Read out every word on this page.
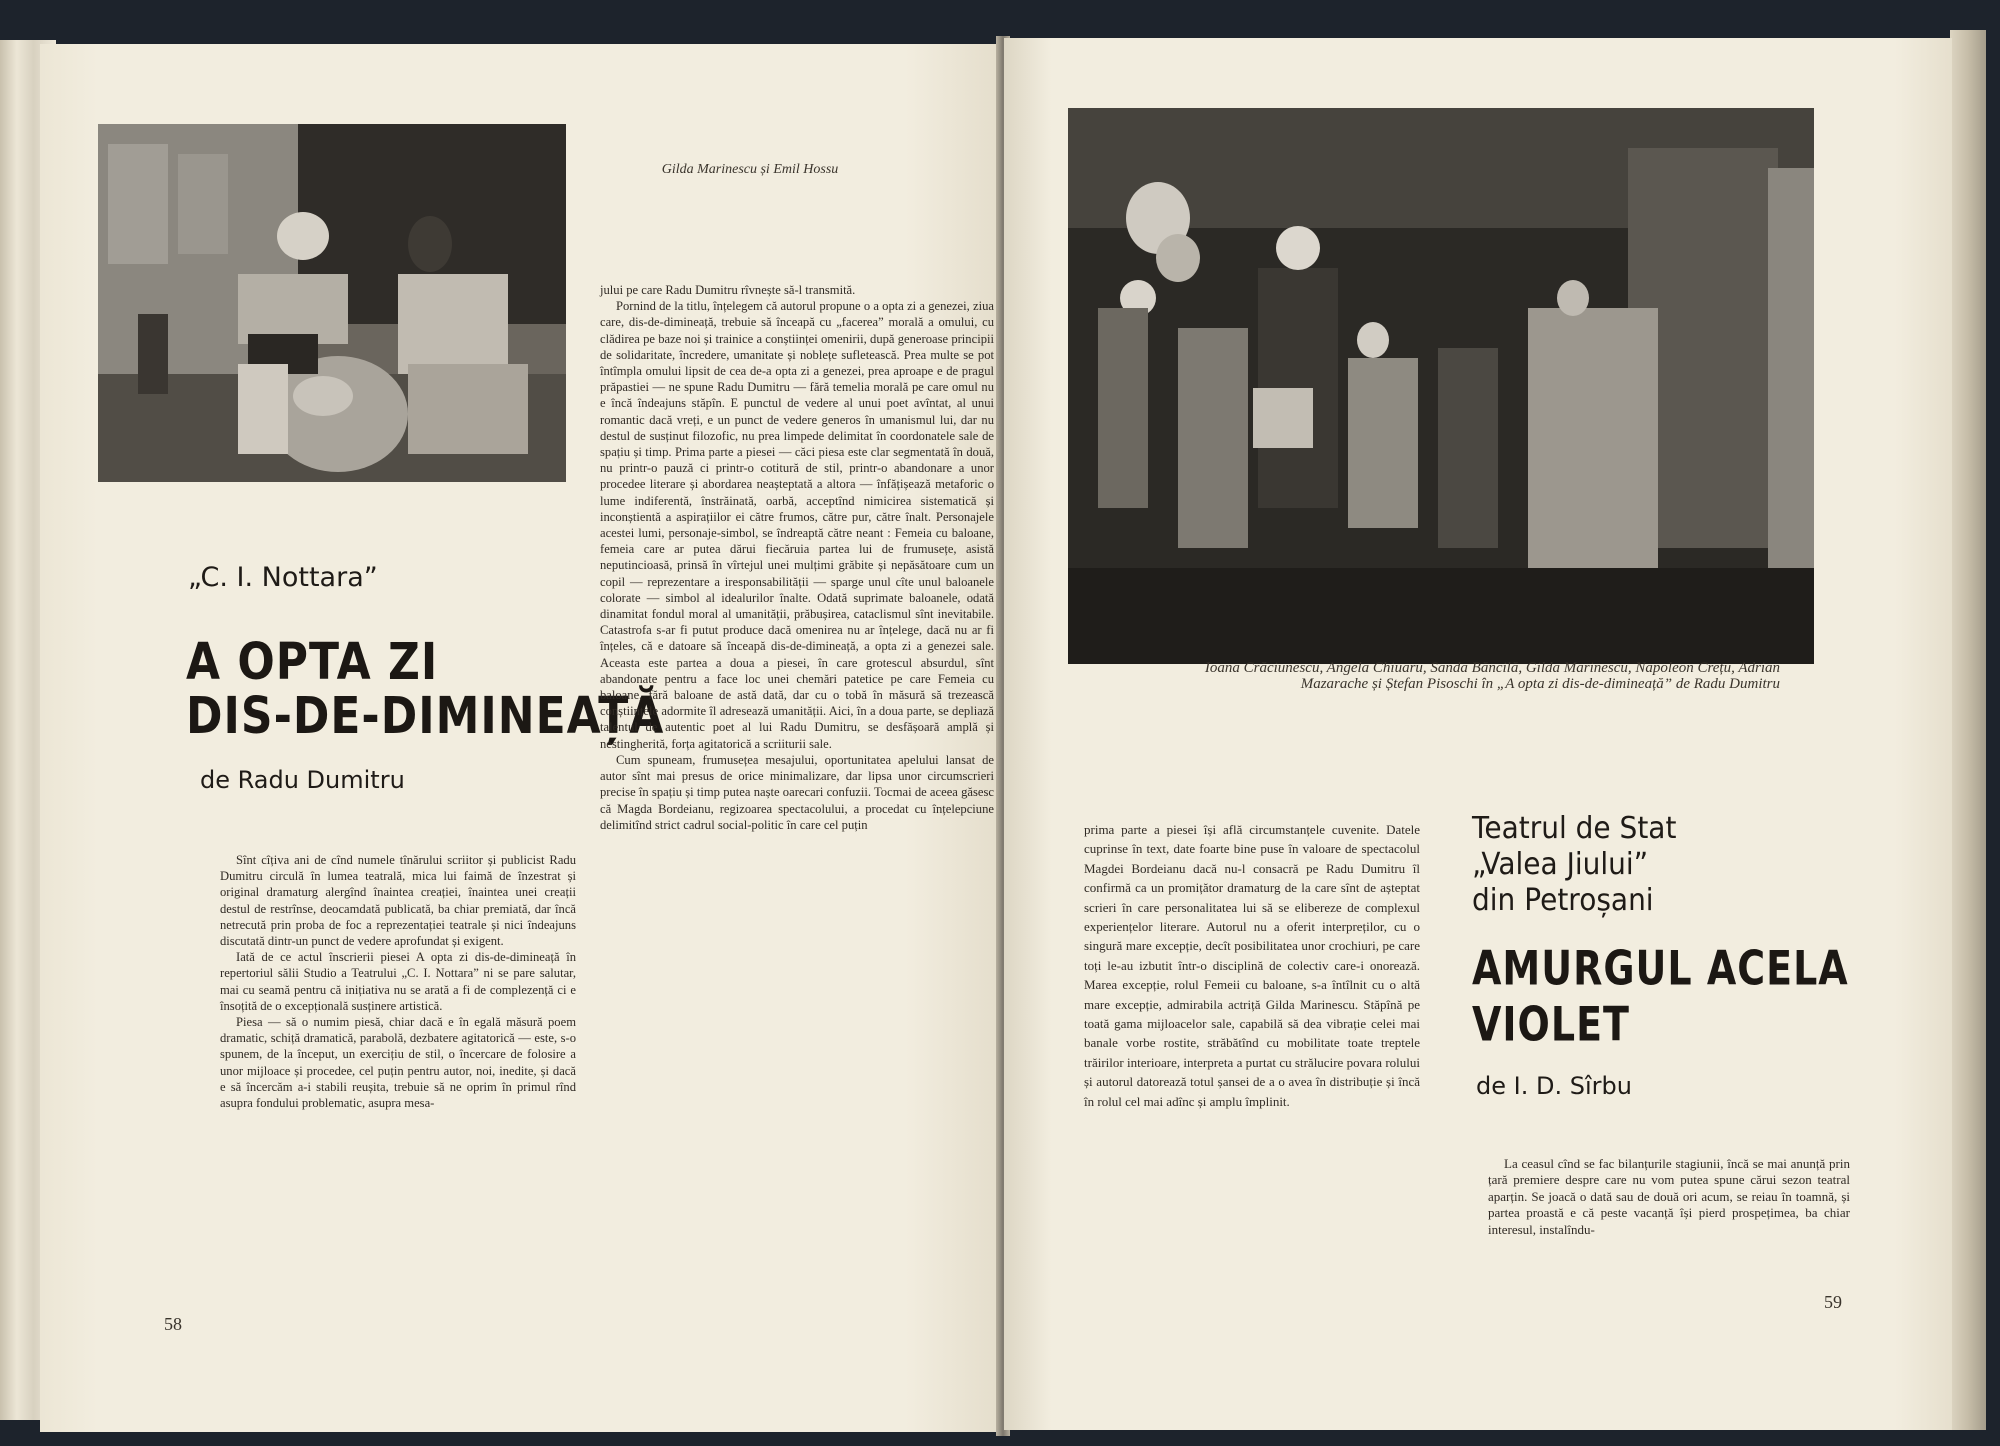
Gilda Marinescu și Emil Hossu
„C. I. Nottara”
A OPTA ZI
DIS-DE-DIMINEAȚĂ
de Radu Dumitru

Sînt cîțiva ani de cînd numele tînărului scriitor și publicist Radu Dumitru circulă în lumea teatrală, mica lui faimă de înzestrat și original dramaturg alergînd înaintea creației, înaintea unei creații destul de restrînse, deocamdată publicată, ba chiar premiată, dar încă netrecută prin proba de foc a reprezentației teatrale și nici îndeajuns discutată dintr-un punct de vedere aprofundat și exigent.

Iată de ce actul înscrierii piesei A opta zi dis-de-dimineață în repertoriul sălii Studio a Teatrului „C. I. Nottara” ni se pare salutar, mai cu seamă pentru că inițiativa nu se arată a fi de complezență ci e însoțită de o excepțională susținere artistică.

Piesa — să o numim piesă, chiar dacă e în egală măsură poem dramatic, schiță dramatică, parabolă, dezbatere agitatorică — este, s-o spunem, de la început, un exercițiu de stil, o încercare de folosire a unor mijloace și procedee, cel puțin pentru autor, noi, inedite, și dacă e să încercăm a-i stabili reușita, trebuie să ne oprim în primul rînd asupra fondului problematic, asupra mesa-

jului pe care Radu Dumitru rîvnește să-l transmită.

Pornind de la titlu, înțelegem că autorul propune o a opta zi a genezei, ziua care, dis-de-dimineață, trebuie să înceapă cu „facerea” morală a omului, cu clădirea pe baze noi și trainice a conștiinței omenirii, după generoase principii de solidaritate, încredere, umanitate și noblețe sufletească. Prea multe se pot întîmpla omului lipsit de cea de-a opta zi a genezei, prea aproape e de pragul prăpastiei — ne spune Radu Dumitru — fără temelia morală pe care omul nu e încă îndeajuns stăpîn. E punctul de vedere al unui poet avîntat, al unui romantic dacă vreți, e un punct de vedere generos în umanismul lui, dar nu destul de susținut filozofic, nu prea limpede delimitat în coordonatele sale de spațiu și timp. Prima parte a piesei — căci piesa este clar segmentată în două, nu printr-o pauză ci printr-o cotitură de stil, printr-o abandonare a unor procedee literare și abordarea neașteptată a altora — înfățișează metaforic o lume indiferentă, înstrăinată, oarbă, acceptînd nimicirea sistematică și inconștientă a aspirațiilor ei către frumos, către pur, către înalt. Personajele acestei lumi, personaje-simbol, se îndreaptă către neant : Femeia cu baloane, femeia care ar putea dărui fiecăruia partea lui de frumusețe, asistă neputincioasă, prinsă în vîrtejul unei mulțimi grăbite și nepăsătoare cum un copil — reprezentare a iresponsabilității — sparge unul cîte unul baloanele colorate — simbol al idealurilor înalte. Odată suprimate baloanele, odată dinamitat fondul moral al umanității, prăbușirea, cataclismul sînt inevitabile. Catastrofa s-ar fi putut produce dacă omenirea nu ar înțelege, dacă nu ar fi înțeles, că e datoare să înceapă dis-de-dimineață, a opta zi a genezei sale. Aceasta este partea a doua a piesei, în care grotescul absurdul, sînt abandonate pentru a face loc unei chemări patetice pe care Femeia cu baloane, fără baloane de astă dată, dar cu o tobă în măsură să trezească conștiințele adormite îl adresează umanității. Aici, în a doua parte, se depliază talentul de autentic poet al lui Radu Dumitru, se desfășoară amplă și nestingherită, forța agitatorică a scriiturii sale.

Cum spuneam, frumusețea mesajului, oportunitatea apelului lansat de autor sînt mai presus de orice minimalizare, dar lipsa unor circumscrieri precise în spațiu și timp putea naște oarecari confuzii. Tocmai de aceea găsesc că Magda Bordeianu, regizoarea spectacolului, a procedat cu înțelepciune delimitînd strict cadrul social-politic în care cel puțin

58
Ioana Crăciunescu, Angela Chiuaru, Sanda Băncilă, Gilda Marinescu, Napoleon Crețu, Adrian Mazarache și Ștefan Pisoschi în „A opta zi dis-de-dimineață” de Radu Dumitru

prima parte a piesei își află circumstanțele cuvenite. Datele cuprinse în text, date foarte bine puse în valoare de spectacolul Magdei Bordeianu dacă nu-l consacră pe Radu Dumitru îl confirmă ca un promițător dramaturg de la care sînt de așteptat scrieri în care personalitatea lui să se elibereze de complexul experiențelor literare. Autorul nu a oferit interpreților, cu o singură mare excepție, decît posibilitatea unor crochiuri, pe care toți le-au izbutit într-o disciplină de colectiv care-i onorează. Marea excepție, rolul Femeii cu baloane, s-a întîlnit cu o altă mare excepție, admirabila actriță Gilda Marinescu. Stăpînă pe toată gama mijloacelor sale, capabilă să dea vibrație celei mai banale vorbe rostite, străbătînd cu mobilitate toate treptele trăirilor interioare, interpreta a purtat cu strălucire povara rolului și autorul datorează totul șansei de a o avea în distribuție și încă în rolul cel mai adînc și amplu împlinit.

Teatrul de Stat
„Valea Jiului”
din Petroșani
AMURGUL ACELA
VIOLET
de I. D. Sîrbu

La ceasul cînd se fac bilanțurile stagiunii, încă se mai anunță prin țară premiere despre care nu vom putea spune cărui sezon teatral aparțin. Se joacă o dată sau de două ori acum, se reiau în toamnă, și partea proastă e că peste vacanță își pierd prospețimea, ba chiar interesul, instalîndu-

59
